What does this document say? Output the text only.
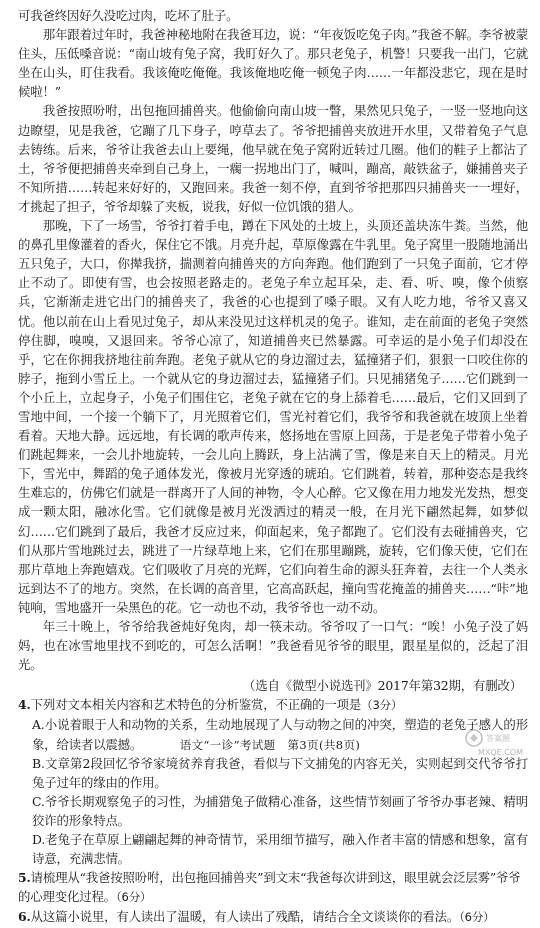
可我爸终因好久没吃过肉，吃坏了肚子。

那年跟着过年时，我爸神秘地附在我爸耳边，说：“年夜饭吃兔子肉。”我爸不解。李爷被蒙住头，压低嗓音说：“南山坡有兔子窝，我盯好久了。那只老兔子，机警！只要我一出门，它就坐在山头，盯住我看。我该俺吃俺俺。我该俺地吃俺一顿兔子肉……一年都没悲它，现在是时候啦！”

我爸按照吩咐，出包拖回捕兽夹。他偷偷向南山坡一瞥，果然见只兔子，一竖一竖地向这边瞭望，见是我爸，它蹦了几下身子，哼草去了。爷爷把捕兽夹放进开水里，又带着兔子气息去铸练。后来，爷爷让我爸去山上要绳，他早就在兔子窝附近转过几圈。他们的鞋子上都沾了土，爷爷便把捕兽夹牵到自己身上，一瘸一拐地出门了，喊叫，蹦高，敲铁盆子，嫌捕兽夹子不知所措……转起来好好的，又跑回来。我爸一刻不停，直到爷爷把那四只捕兽夹一一埋好，才挑起了担子，爷爷却躲了夹板，说我，好似一位饥饿的猎人。

那晚，下了一场雪，爷爷打着手电，蹲在下风处的土坡上，头顶还盖块冻牛粪。当然，他的鼻孔里像灌着的香火，保住它不饿。月亮升起，草原像露在牛乳里。兔子窝里一股随地涌出五只兔子，大口，你撵我挤，揣测着向捕兽夹的方向奔跑。他们跑到了一只兔子面前，它才停止不动了。即使有雪，也会按照老路走的。老兔子牟立起耳朵，走、看、听、嗅，像个侦察兵，它渐渐走进它出门的捕兽夹了，我爸的心也提到了嗓子眼。又有人吃力地，爷爷又喜又忧。他以前在山上看见过兔子，却从来没见过这样机灵的兔子。谁知，走在前面的老兔子突然停住脚，嗅嗅，又退回来。爷爷心凉了，知道捕兽夹已然暴露。可幸运的是小兔子们却没在乎，它在你拥我挤地往前奔跑。老兔子就从它的身边溜过去，猛撞猪子们，狠狠一口咬住你的脖子，拖到小雪丘上。一个就从它的身边溜过去，猛撞猪子们。只见捕猪兔子……它们跳到一个小丘上，立起身子，小兔子们围住它，老兔子就在它的身上舔着毛……最后，它们又回到了雪地中间，一个接一个躺下了，月光照着它们，雪光衬着它们，我爷爷和我爸就在坡顶上坐着看着。天地大静。远远地，有长调的歌声传来，悠扬地在雪原上回荡，于是老兔子带着小兔子们跳起舞来，一会儿扑地旋转，一会儿向上腾跃，身上沾满了雪，像是来自天上的精灵。月光下，雪光中，舞蹈的兔子通体发光，像被月光穿透的琥珀。它们跳着，转着，那种姿态是我终生难忘的，仿佛它们就是一群离开了人间的神物，令人心醉。它又像在用力地发光发热，想变成一颗太阳，融冰化雪。它们就像是被月光泼洒过的精灵一般，在月光下翩然起舞，如梦似幻……它们跳到了最后，我爸才反应过来，仰面起来，兔子都跑了。它们没有去碰捕兽夹，它们从那片雪地跳过去，跳进了一片绿草地上来，它们在那里蹦跳，旋转，它们像天使，它们在那片草地上奔跑嬉戏。它们吸收了月亮的光辉，它们向着生命的源头狂奔着，去往一个人类永远到达不了的地方。突然，在长调的高音里，它高高跃起，撞向雪花掩盖的捕兽夹……“咔”地钝响，雪地盛开一朵黑色的花。它一动也不动，我爷爷也一动不动。

年三十晚上，爷爷给我爸炖好兔肉，却一筷未动。爷爷叹了一口气：“唉！小兔子没了妈妈，也在冰雪地里找不到吃的，可怎么活啊！”我爸看见爷爷的眼里，跟星星似的，泛起了泪光。

（选自《微型小说选刊》2017年第32期，有删改）

4.下列对文本相关内容和艺术特色的分析鉴赏，不正确的一项是（3分）

A.小说着眼于人和动物的关系，生动地展现了人与动物之间的冲突，塑造的老兔子感人的形象，给读者以震撼。

B.文章第2段回忆爷爷家境贫养育我爸，看似与下文捕兔的内容无关，实则起到交代爷爷打兔子过年的缘由的作用。

C.爷爷长期观察兔子的习性，为捕猎兔子做精心准备，这些情节刻画了爷爷办事老辣、精明狡诈的形象特点。

D.老兔子在草原上翩翩起舞的神奇情节，采用细节描写，融入作者丰富的情感和想象，富有诗意，充满悲情。

5.请梳理从“我爸按照吩咐，出包拖回捕兽夹”到文末“我爸每次讲到这，眼里就会泛层雾”爷爷的心理变化过程。（6分）

6.从这篇小说里，有人读出了温暖，有人读出了残酷，请结合全文谈谈你的看法。（6分）

语文“一诊”考试题　第3页(共8页)	答案圈
MXQE.COM
